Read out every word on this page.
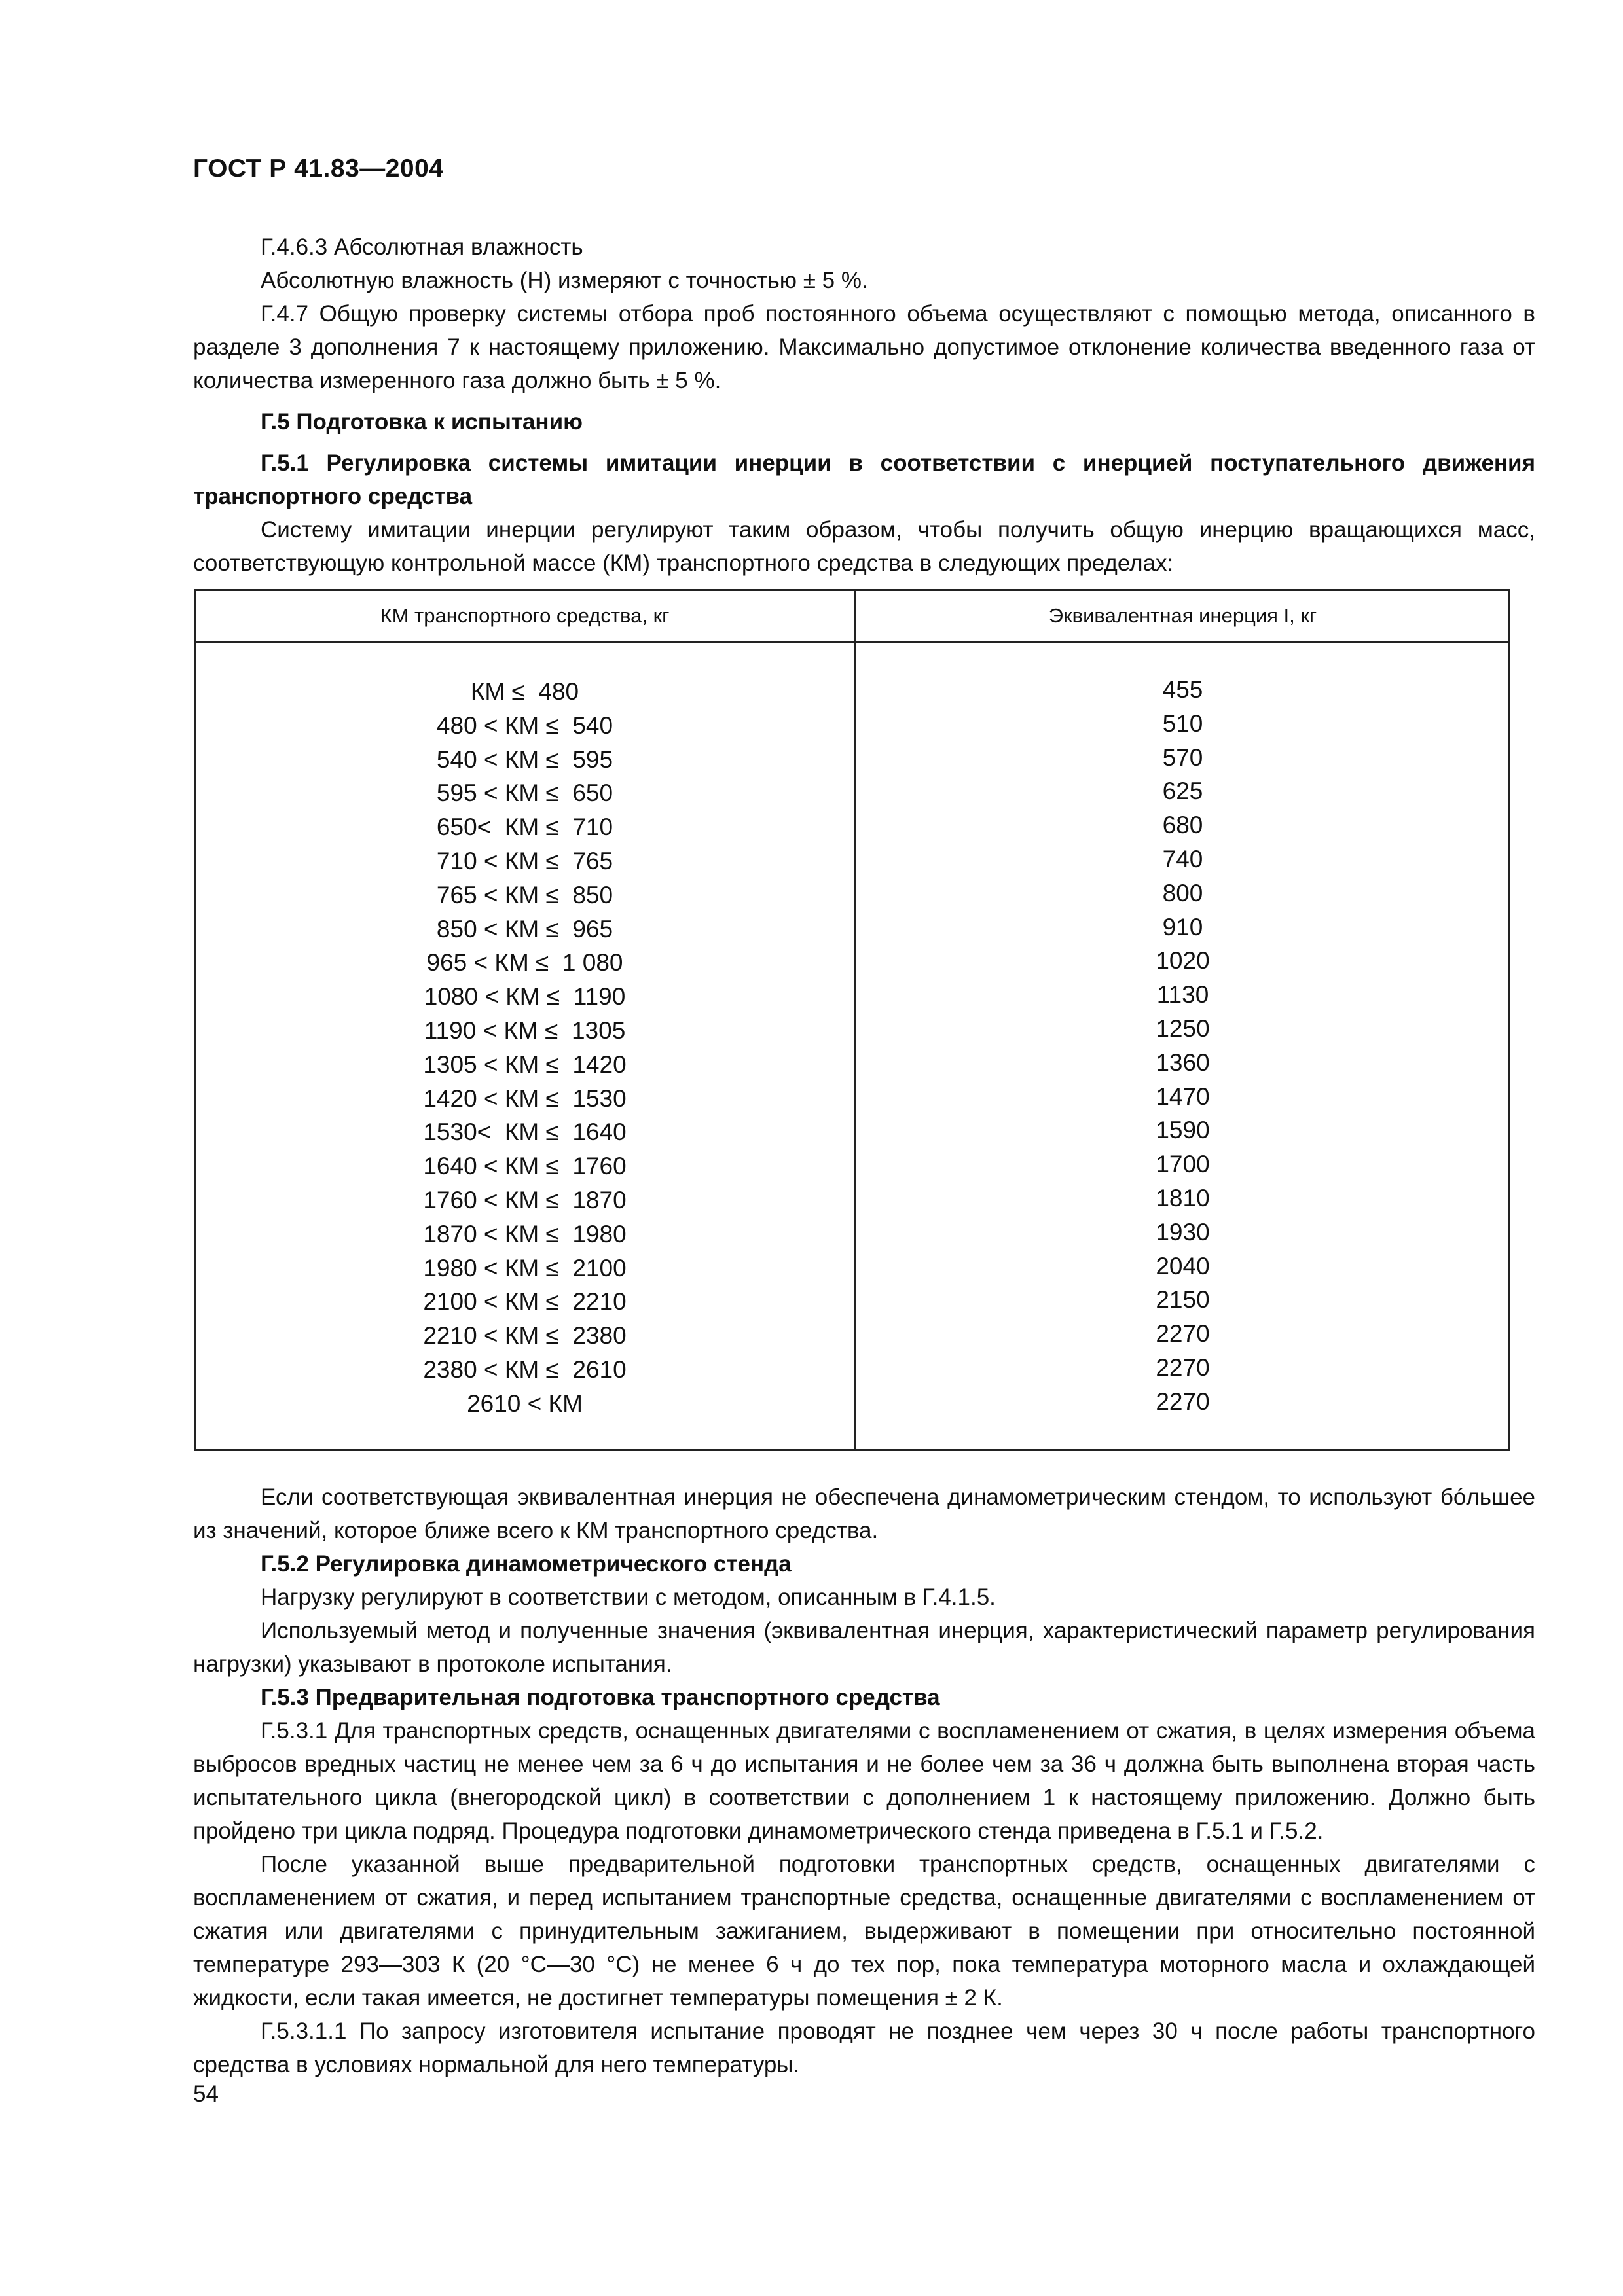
ГОСТ Р 41.83—2004

Г.4.6.3 Абсолютная влажность

Абсолютную влажность (H) измеряют с точностью ± 5 %.

Г.4.7 Общую проверку системы отбора проб постоянного объема осуществляют с помощью метода, описанного в разделе 3 дополнения 7 к настоящему приложению. Максимально допустимое отклонение количества введенного газа от количества измеренного газа должно быть ± 5 %.

Г.5 Подготовка к испытанию

Г.5.1 Регулировка системы имитации инерции в соответствии с инерцией поступательного движения транспортного средства

Систему имитации инерции регулируют таким образом, чтобы получить общую инерцию вращающихся масс, соответствующую контрольной массе (КМ) транспортного средства в следующих пределах:

КМ транспортного средства, кг	Эквивалентная инерция I, кг
КМ ≤  480
480 < КМ ≤  540
540 < КМ ≤  595
595 < КМ ≤  650
650<  КМ ≤  710
710 < КМ ≤  765
765 < КМ ≤  850
850 < КМ ≤  965
965 < КМ ≤  1 080
1080 < КМ ≤  1190
1190 < КМ ≤  1305
1305 < КМ ≤  1420
1420 < КМ ≤  1530
1530<  КМ ≤  1640
1640 < КМ ≤  1760
1760 < КМ ≤  1870
1870 < КМ ≤  1980
1980 < КМ ≤  2100
2100 < КМ ≤  2210
2210 < КМ ≤  2380
2380 < КМ ≤  2610
2610 < КМ
455
510
570
625
680
740
800
910
1020
1130
1250
1360
1470
1590
1700
1810
1930
2040
2150
2270
2270
2270

Если соответствующая эквивалентная инерция не обеспечена динамометрическим стендом, то используют бóльшее из значений, которое ближе всего к КМ транспортного средства.

Г.5.2 Регулировка динамометрического стенда

Нагрузку регулируют в соответствии с методом, описанным в Г.4.1.5.

Используемый метод и полученные значения (эквивалентная инерция, характеристический параметр регулирования нагрузки) указывают в протоколе испытания.

Г.5.3 Предварительная подготовка транспортного средства

Г.5.3.1 Для транспортных средств, оснащенных двигателями с воспламенением от сжатия, в целях измерения объема выбросов вредных частиц не менее чем за 6 ч до испытания и не более чем за 36 ч должна быть выполнена вторая часть испытательного цикла (внегородской цикл) в соответствии с дополнением 1 к настоящему приложению. Должно быть пройдено три цикла подряд. Процедура подготовки динамометрического стенда приведена в Г.5.1 и Г.5.2.

После указанной выше предварительной подготовки транспортных средств, оснащенных двигателями с воспламенением от сжатия, и перед испытанием транспортные средства, оснащенные двигателями с воспламенением от сжатия или двигателями с принудительным зажиганием, выдерживают в помещении при относительно постоянной температуре 293—303 К (20 °С—30 °С) не менее 6 ч до тех пор, пока температура моторного масла и охлаждающей жидкости, если такая имеется, не достигнет температуры помещения ± 2 К.

Г.5.3.1.1 По запросу изготовителя испытание проводят не позднее чем через 30 ч после работы транспортного средства в условиях нормальной для него температуры.

54
